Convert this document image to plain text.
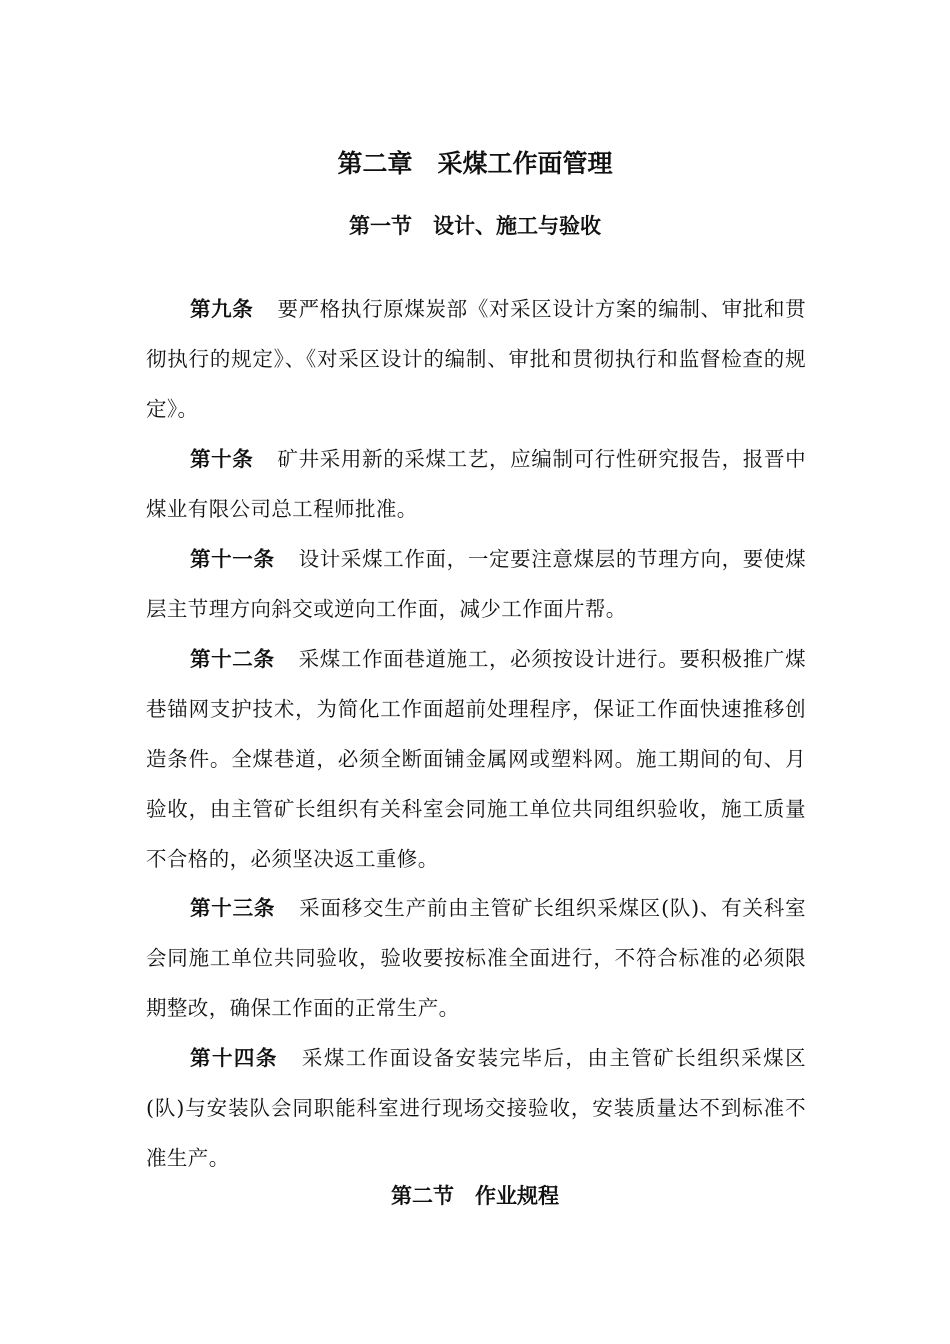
第二章　采煤工作面管理
第一节　设计、施工与验收

第九条 要严格执行原煤炭部《对采区设计方案的编制、审批和贯彻执行的规定》、《对采区设计的编制、审批和贯彻执行和监督检查的规定》。

第十条 矿井采用新的采煤工艺，应编制可行性研究报告，报晋中煤业有限公司总工程师批准。

第十一条 设计采煤工作面，一定要注意煤层的节理方向，要使煤层主节理方向斜交或逆向工作面，减少工作面片帮。

第十二条 采煤工作面巷道施工，必须按设计进行。要积极推广煤巷锚网支护技术，为简化工作面超前处理程序，保证工作面快速推移创造条件。全煤巷道，必须全断面铺金属网或塑料网。施工期间的旬、月验收，由主管矿长组织有关科室会同施工单位共同组织验收，施工质量不合格的，必须坚决返工重修。

第十三条 采面移交生产前由主管矿长组织采煤区(队)、有关科室会同施工单位共同验收，验收要按标准全面进行，不符合标准的必须限期整改，确保工作面的正常生产。

第十四条 采煤工作面设备安装完毕后，由主管矿长组织采煤区(队)与安装队会同职能科室进行现场交接验收，安装质量达不到标准不准生产。

第二节　作业规程
